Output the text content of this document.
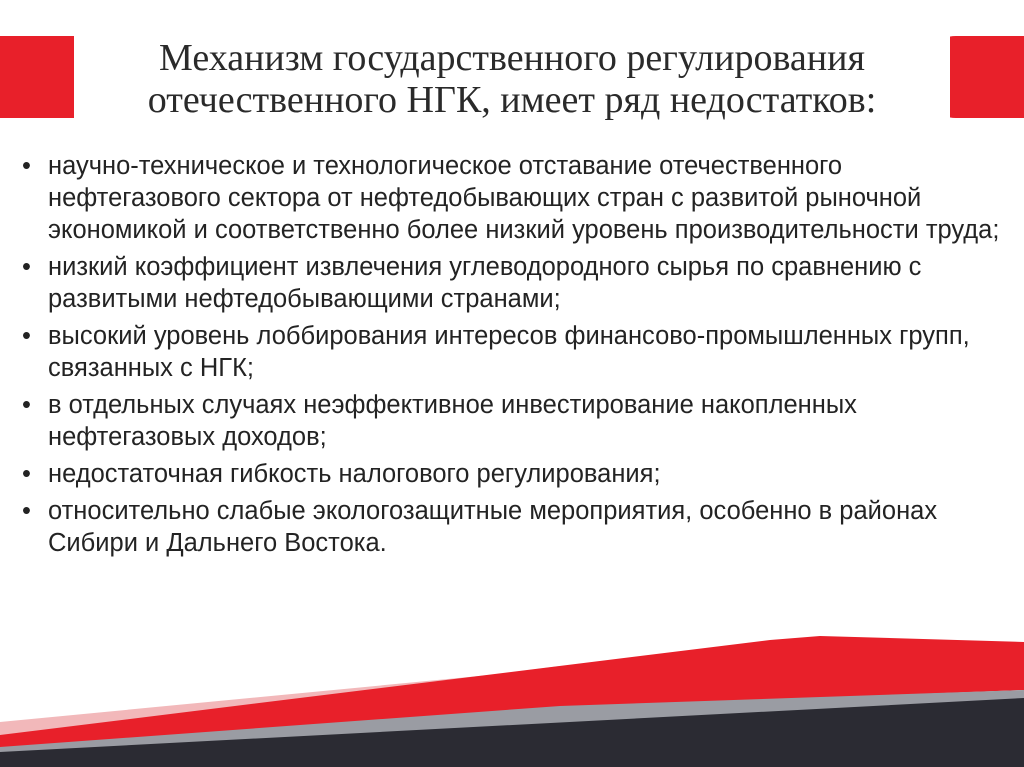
Механизм государственного регулирования
отечественного НГК, имеет ряд недостатков:
• научно-техническое и технологическое отставание отечественного нефтегазового сектора от нефтедобывающих стран с развитой рыночной экономикой и соответственно более низкий уровень производительности труда;
• низкий коэффициент извлечения углеводородного сырья по сравнению с развитыми нефтедобывающими странами;
• высокий уровень лоббирования интересов финансово-промышленных групп, связанных с НГК;
• в отдельных случаях неэффективное инвестирование накопленных нефтегазовых доходов;
• недостаточная гибкость налогового регулирования;
• относительно слабые экологозащитные мероприятия, особенно в районах Сибири и Дальнего Востока.
